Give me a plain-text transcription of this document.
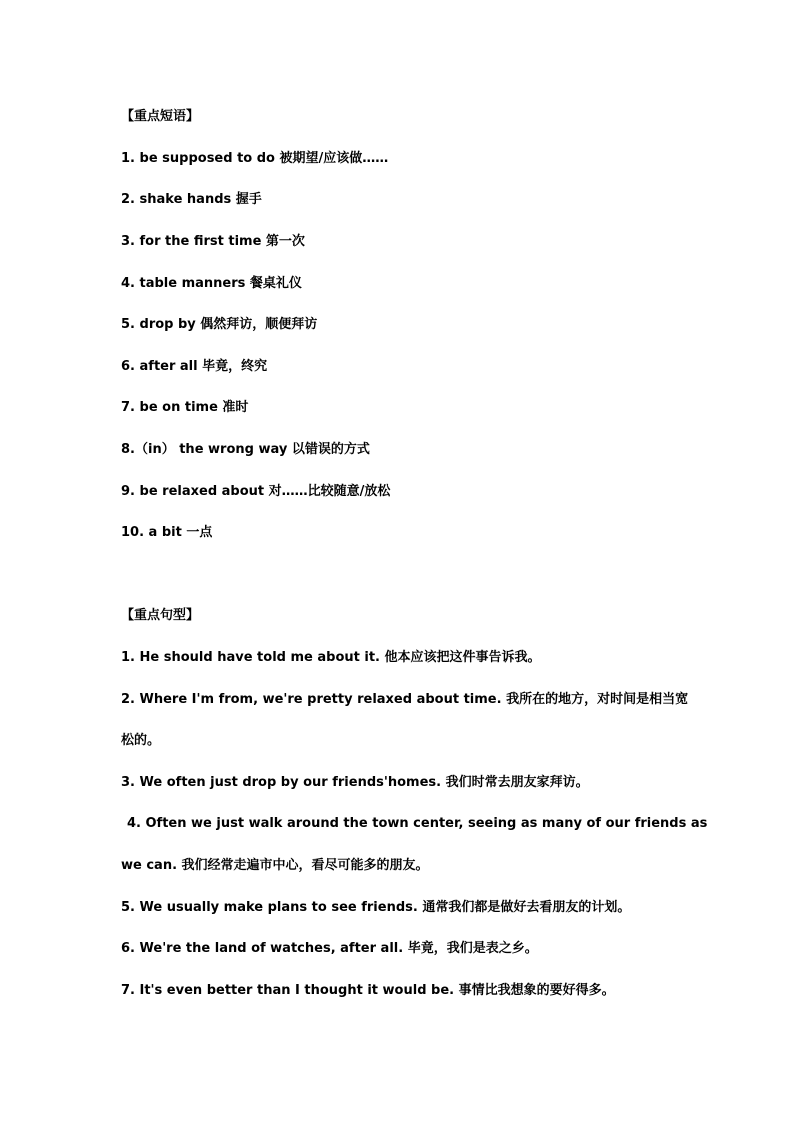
【重点短语】
1. be supposed to do 被期望/应该做……
2. shake hands 握手
3. for the first time 第一次
4. table manners 餐桌礼仪
5. drop by 偶然拜访，顺便拜访
6. after all 毕竟，终究
7. be on time 准时
8.（in） the wrong way 以错误的方式
9. be relaxed about 对……比较随意/放松
10. a bit 一点
【重点句型】
1. He should have told me about it. 他本应该把这件事告诉我。
2. Where I'm from, we're pretty relaxed about time. 我所在的地方，对时间是相当宽
松的。
3. We often just drop by our friends'homes. 我们时常去朋友家拜访。
4. Often we just walk around the town center, seeing as many of our friends as
we can. 我们经常走遍市中心，看尽可能多的朋友。
5. We usually make plans to see friends. 通常我们都是做好去看朋友的计划。
6. We're the land of watches, after all. 毕竟，我们是表之乡。
7. It's even better than I thought it would be. 事情比我想象的要好得多。
